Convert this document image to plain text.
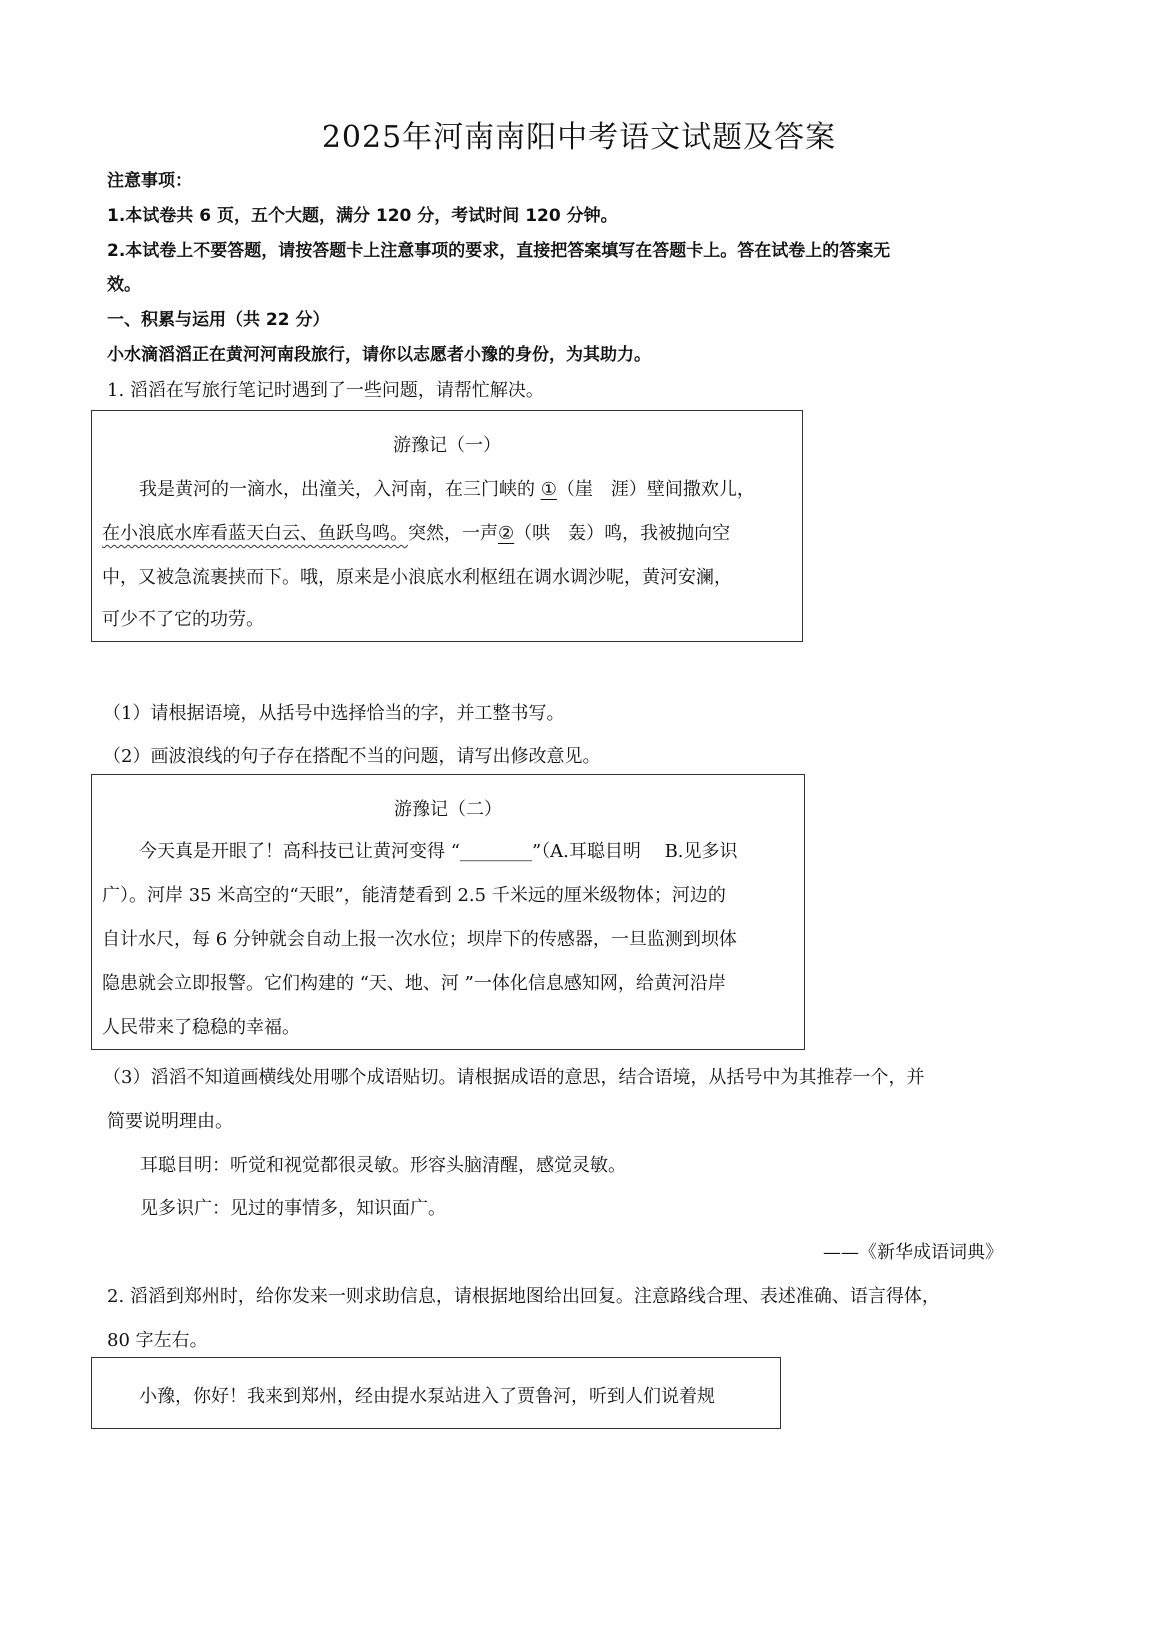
2025年河南南阳中考语文试题及答案
注意事项：
1.本试卷共 6 页，五个大题，满分 120 分，考试时间 120 分钟。
2.本试卷上不要答题，请按答题卡上注意事项的要求，直接把答案填写在答题卡上。答在试卷上的答案无
效。
一、积累与运用（共 22 分）
小水滴滔滔正在黄河河南段旅行，请你以志愿者小豫的身份，为其助力。
1. 滔滔在写旅行笔记时遇到了一些问题，请帮忙解决。
游豫记（一）
我是黄河的一滴水，出潼关，入河南，在三门峡的 ①（崖　涯）壁间撒欢儿，
在小浪底水库看蓝天白云、鱼跃鸟鸣。突然，一声②（哄　轰）鸣，我被抛向空
中，又被急流裹挟而下。哦，原来是小浪底水利枢纽在调水调沙呢，黄河安澜，
可少不了它的功劳。
（1）请根据语境，从括号中选择恰当的字，并工整书写。
（2）画波浪线的句子存在搭配不当的问题，请写出修改意见。
游豫记（二）
今天真是开眼了！高科技已让黄河变得 “________”（A.耳聪目明　 B.见多识
广）。河岸 35 米高空的“天眼”，能清楚看到 2.5 千米远的厘米级物体；河边的
自计水尺，每 6 分钟就会自动上报一次水位；坝岸下的传感器，一旦监测到坝体
隐患就会立即报警。它们构建的 “天、地、河 ”一体化信息感知网，给黄河沿岸
人民带来了稳稳的幸福。
（3）滔滔不知道画横线处用哪个成语贴切。请根据成语的意思，结合语境，从括号中为其推荐一个，并
简要说明理由。
耳聪目明：听觉和视觉都很灵敏。形容头脑清醒，感觉灵敏。
见多识广：见过的事情多，知识面广。
——《新华成语词典》
2. 滔滔到郑州时，给你发来一则求助信息，请根据地图给出回复。注意路线合理、表述准确、语言得体，
80 字左右。
小豫，你好！我来到郑州，经由提水泵站进入了贾鲁河，听到人们说着规
